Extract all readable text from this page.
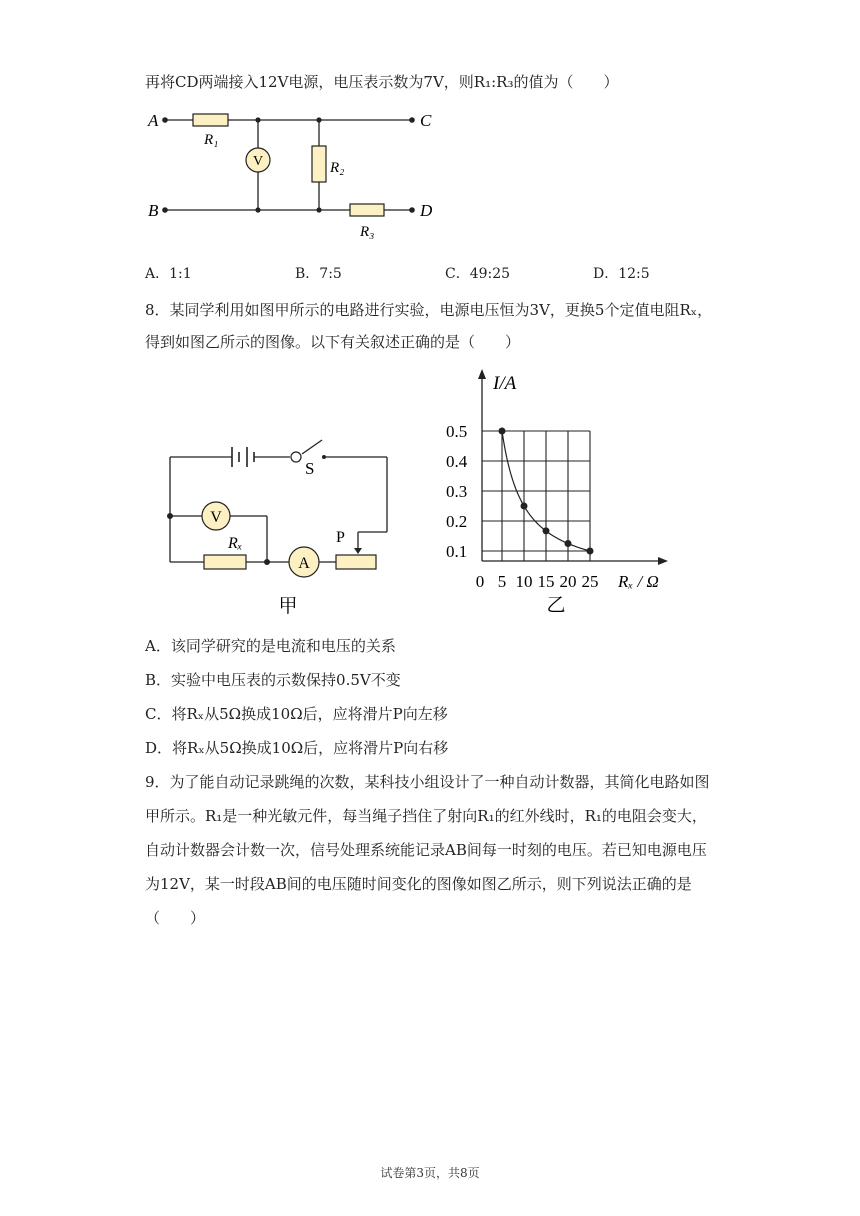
再将CD两端接入12V电源，电压表示数为7V，则R₁:R₃的值为（　　）
V
A
B
C
D
R₁
R₂
R₃
A．1:1	B．7:5	C．49:25	D．12:5
8．某同学利用如图甲所示的电路进行实验，电源电压恒为3V，更换5个定值电阻Rₓ，
得到如图乙所示的图像。以下有关叙述正确的是（　　）
V
A
S
Rₓ	P
甲
0.1
0.2
0.3
0.4
0.5
0 5 10 15 20 25
I/A
Rₓ / Ω
乙
A．该同学研究的是电流和电压的关系
B．实验中电压表的示数保持0.5V不变
C．将Rₓ从5Ω换成10Ω后，应将滑片P向左移
D．将Rₓ从5Ω换成10Ω后，应将滑片P向右移
9．为了能自动记录跳绳的次数，某科技小组设计了一种自动计数器，其简化电路如图
甲所示。R₁是一种光敏元件，每当绳子挡住了射向R₁的红外线时，R₁的电阻会变大，
自动计数器会计数一次，信号处理系统能记录AB间每一时刻的电压。若已知电源电压
为12V，某一时段AB间的电压随时间变化的图像如图乙所示，则下列说法正确的是
（　　）
试卷第3页，共8页
